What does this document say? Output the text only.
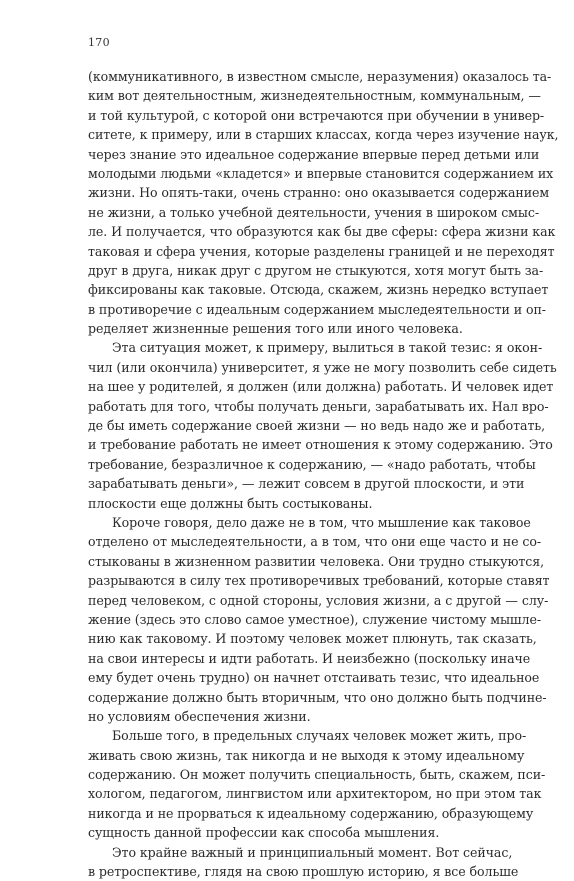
170
(коммуникативного, в известном смысле, неразумения) оказалось та-
ким вот деятельностным, жизнедеятельностным, коммунальным, —
и той культурой, с которой они встречаются при обучении в универ-
ситете, к примеру, или в старших классах, когда через изучение наук,
через знание это идеальное содержание впервые перед детьми или
молодыми людьми «кладется» и впервые становится содержанием их
жизни. Но опять-таки, очень странно: оно оказывается содержанием
не жизни, а только учебной деятельности, учения в широком смыс-
ле. И получается, что образуются как бы две сферы: сфера жизни как
таковая и сфера учения, которые разделены границей и не переходят
друг в друга, никак друг с другом не стыкуются, хотя могут быть за-
фиксированы как таковые. Отсюда, скажем, жизнь нередко вступает
в противоречие с идеальным содержанием мыследеятельности и оп-
ределяет жизненные решения того или иного человека.
Эта ситуация может, к примеру, вылиться в такой тезис: я окон-
чил (или окончила) университет, я уже не могу позволить себе сидеть
на шее у родителей, я должен (или должна) работать. И человек идет
работать для того, чтобы получать деньги, зарабатывать их. Нал вро-
де бы иметь содержание своей жизни — но ведь надо же и работать,
и требование работать не имеет отношения к этому содержанию. Это
требование, безразличное к содержанию, — «надо работать, чтобы
зарабатывать деньги», — лежит совсем в другой плоскости, и эти
плоскости еще должны быть состыкованы.
Короче говоря, дело даже не в том, что мышление как таковое
отделено от мыследеятельности, а в том, что они еще часто и не со-
стыкованы в жизненном развитии человека. Они трудно стыкуются,
разрываются в силу тех противоречивых требований, которые ставят
перед человеком, с одной стороны, условия жизни, а с другой — слу-
жение (здесь это слово самое уместное), служение чистому мышле-
нию как таковому. И поэтому человек может плюнуть, так сказать,
на свои интересы и идти работать. И неизбежно (поскольку иначе
ему будет очень трудно) он начнет отстаивать тезис, что идеальное
содержание должно быть вторичным, что оно должно быть подчине-
но условиям обеспечения жизни.
Больше того, в предельных случаях человек может жить, про-
живать свою жизнь, так никогда и не выходя к этому идеальному
содержанию. Он может получить специальность, быть, скажем, пси-
хологом, педагогом, лингвистом или архитектором, но при этом так
никогда и не прорваться к идеальному содержанию, образующему
сущность данной профессии как способа мышления.
Это крайне важный и принципиальный момент. Вот сейчас,
в ретроспективе, глядя на свою прошлую историю, я все больше
